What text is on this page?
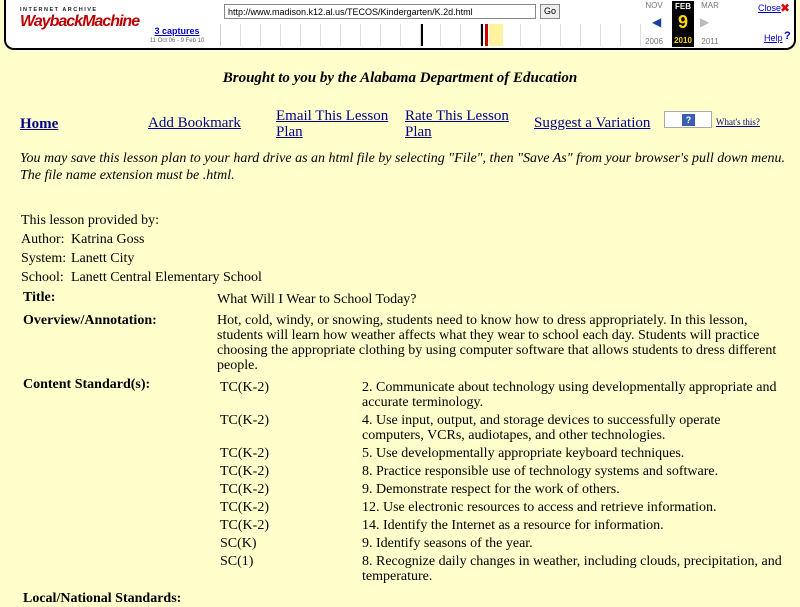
INTERNET ARCHIVE
WaybackMachine
http://www.madison.k12.al.us/TECOS/Kindergarten/K.2d.html	Go
3 captures
11 Oct 06 - 9 Feb 10
NOV
◀
2006
FEB
9
2010
MAR
▶
2011
Close
✖
Help ?
Brought to you by the Alabama Department of Education
Home	Add Bookmark Email This Lesson
Plan
Rate This Lesson
Plan
Suggest a Variation	?	What's this?
You may save this lesson plan to your hard drive as an html file by selecting "File", then "Save As" from your browser's pull down menu. The file name extension must be .html.
This lesson provided by:
Author: Katrina Goss
System: Lanett City
School: Lanett Central Elementary School
Title:	What Will I Wear to School Today?
Overview/Annotation:	Hot, cold, windy, or snowing, students need to know how to dress appropriately. In this lesson, students will learn how weather affects what they wear to school each day. Students will practice choosing the appropriate clothing by using computer software that allows students to dress different people.
Content Standard(s):	TC(K-2)	2. Communicate about technology using developmentally appropriate and accurate terminology.
TC(K-2)	4. Use input, output, and storage devices to successfully operate computers, VCRs, audiotapes, and other technologies.
TC(K-2)	5. Use developmentally appropriate keyboard techniques.
TC(K-2)	8. Practice responsible use of technology systems and software.
TC(K-2)	9. Demonstrate respect for the work of others.
TC(K-2)	12. Use electronic resources to access and retrieve information.
TC(K-2)	14. Identify the Internet as a resource for information.
SC(K)	9. Identify seasons of the year.
SC(1)	8. Recognize daily changes in weather, including clouds, precipitation, and temperature.
Local/National Standards:
